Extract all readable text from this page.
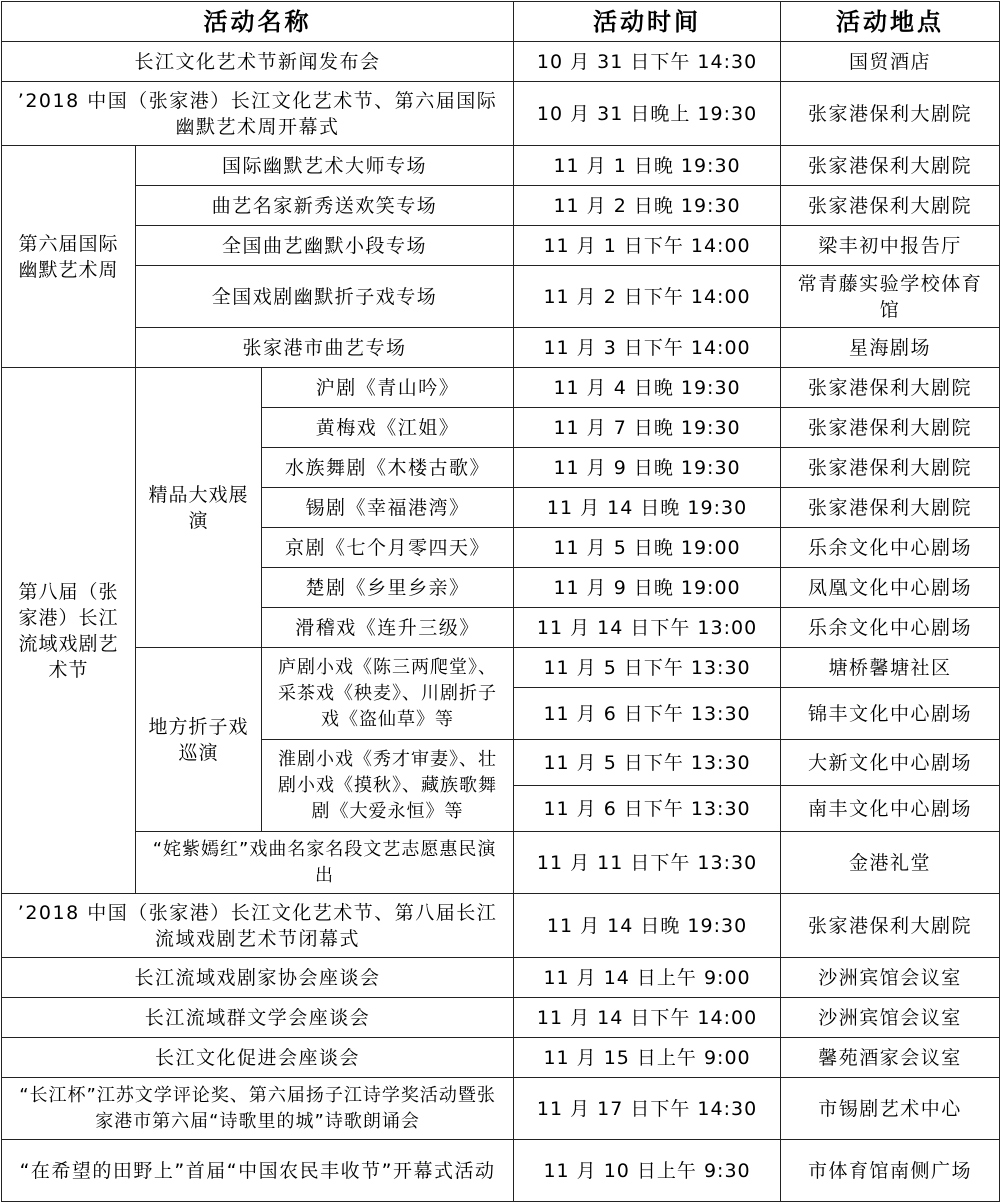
活动名称			活动时间	活动地点
长江文化艺术节新闻发布会			10 月 31 日下午 14:30	国贸酒店
’2018 中国（张家港）长江文化艺术节、第六届国际幽默艺术周开幕式			10 月 31 日晚上 19:30	张家港保利大剧院
第六届国际幽默艺术周	国际幽默艺术大师专场		11 月 1 日晚 19:30	张家港保利大剧院
	曲艺名家新秀送欢笑专场		11 月 2 日晚 19:30	张家港保利大剧院
	全国曲艺幽默小段专场		11 月 1 日下午 14:00	梁丰初中报告厅
	全国戏剧幽默折子戏专场		11 月 2 日下午 14:00	常青藤实验学校体育馆
	张家港市曲艺专场		11 月 3 日下午 14:00	星海剧场
第八届（张家港）长江流域戏剧艺术节	精品大戏展演	沪剧《青山吟》	11 月 4 日晚 19:30	张家港保利大剧院
		黄梅戏《江姐》	11 月 7 日晚 19:30	张家港保利大剧院
		水族舞剧《木楼古歌》	11 月 9 日晚 19:30	张家港保利大剧院
		锡剧《幸福港湾》	11 月 14 日晚 19:30	张家港保利大剧院
		京剧《七个月零四天》	11 月 5 日晚 19:00	乐余文化中心剧场
		楚剧《乡里乡亲》	11 月 9 日晚 19:00	凤凰文化中心剧场
		滑稽戏《连升三级》	11 月 14 日下午 13:00	乐余文化中心剧场
	地方折子戏巡演	庐剧小戏《陈三两爬堂》、采茶戏《秧麦》、川剧折子戏《盗仙草》等	11 月 5 日下午 13:30	塘桥馨塘社区
			11 月 6 日下午 13:30	锦丰文化中心剧场
		淮剧小戏《秀才审妻》、壮剧小戏《摸秋》、藏族歌舞剧《大爱永恒》等	11 月 5 日下午 13:30	大新文化中心剧场
			11 月 6 日下午 13:30	南丰文化中心剧场
	“姹紫嫣红”戏曲名家名段文艺志愿惠民演出		11 月 11 日下午 13:30	金港礼堂
’2018 中国（张家港）长江文化艺术节、第八届长江流域戏剧艺术节闭幕式			11 月 14 日晚 19:30	张家港保利大剧院
长江流域戏剧家协会座谈会			11 月 14 日上午 9:00	沙洲宾馆会议室
长江流域群文学会座谈会			11 月 14 日下午 14:00	沙洲宾馆会议室
长江文化促进会座谈会			11 月 15 日上午 9:00	馨苑酒家会议室
“长江杯”江苏文学评论奖、第六届扬子江诗学奖活动暨张家港市第六届“诗歌里的城”诗歌朗诵会			11 月 17 日下午 14:30	市锡剧艺术中心
“在希望的田野上”首届“中国农民丰收节”开幕式活动			11 月 10 日上午 9:30	市体育馆南侧广场
